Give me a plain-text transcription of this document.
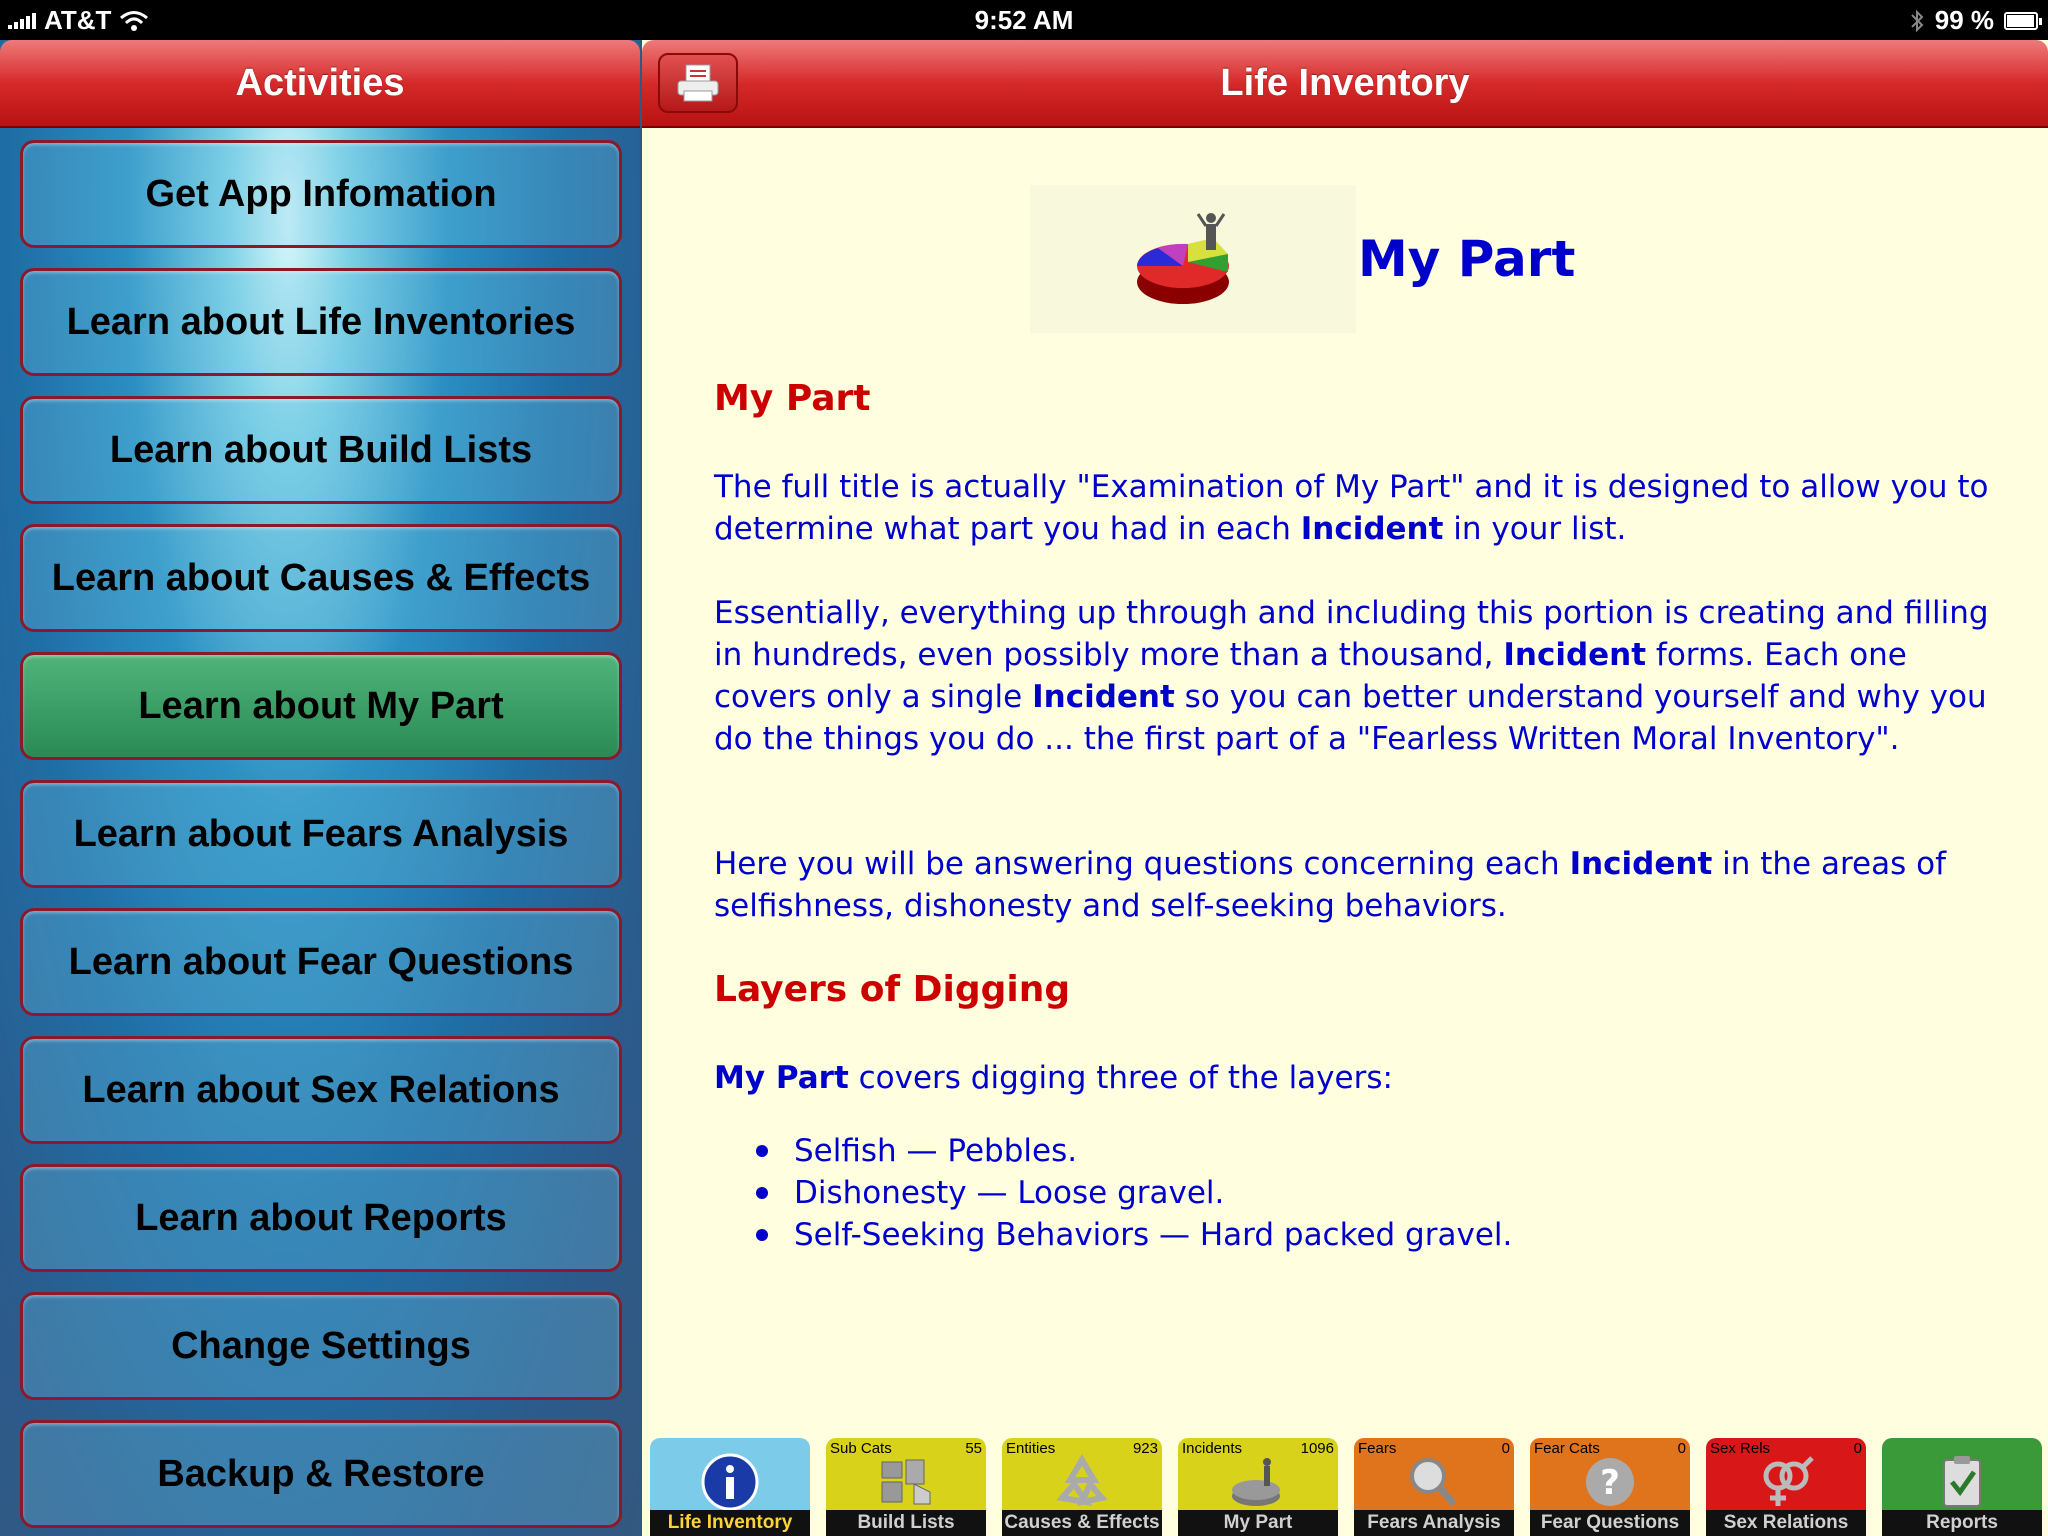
AT&T	9:52 AM	99 %
Activities
Get App Infomation
Learn about Life Inventories
Learn about Build Lists
Learn about Causes & Effects
Learn about My Part
Learn about Fears Analysis
Learn about Fear Questions
Learn about Sex Relations
Learn about Reports
Change Settings
Backup & Restore
Life Inventory
My Part
My Part
The full title is actually "Examination of My Part" and it is designed to allow you to determine what part you had in each Incident in your list.
Essentially, everything up through and including this portion is creating and filling in hundreds, even possibly more than a thousand, Incident forms. Each one covers only a single Incident so you can better understand yourself and why you do the things you do ... the first part of a "Fearless Written Moral Inventory".
Here you will be answering questions concerning each Incident in the areas of selfishness, dishonesty and self-seeking behaviors.
Layers of Digging
My Part covers digging three of the layers:
Selfish — Pebbles.
Dishonesty — Loose gravel.
Self-Seeking Behaviors — Hard packed gravel.
Life Inventory
Sub Cats	55
Build Lists
Entities	923
Causes & Effects
Incidents	1096
My Part
Fears	0
Fears Analysis
Fear Cats	0
?
Fear Questions
Sex Rels	0
Sex Relations	Reports
